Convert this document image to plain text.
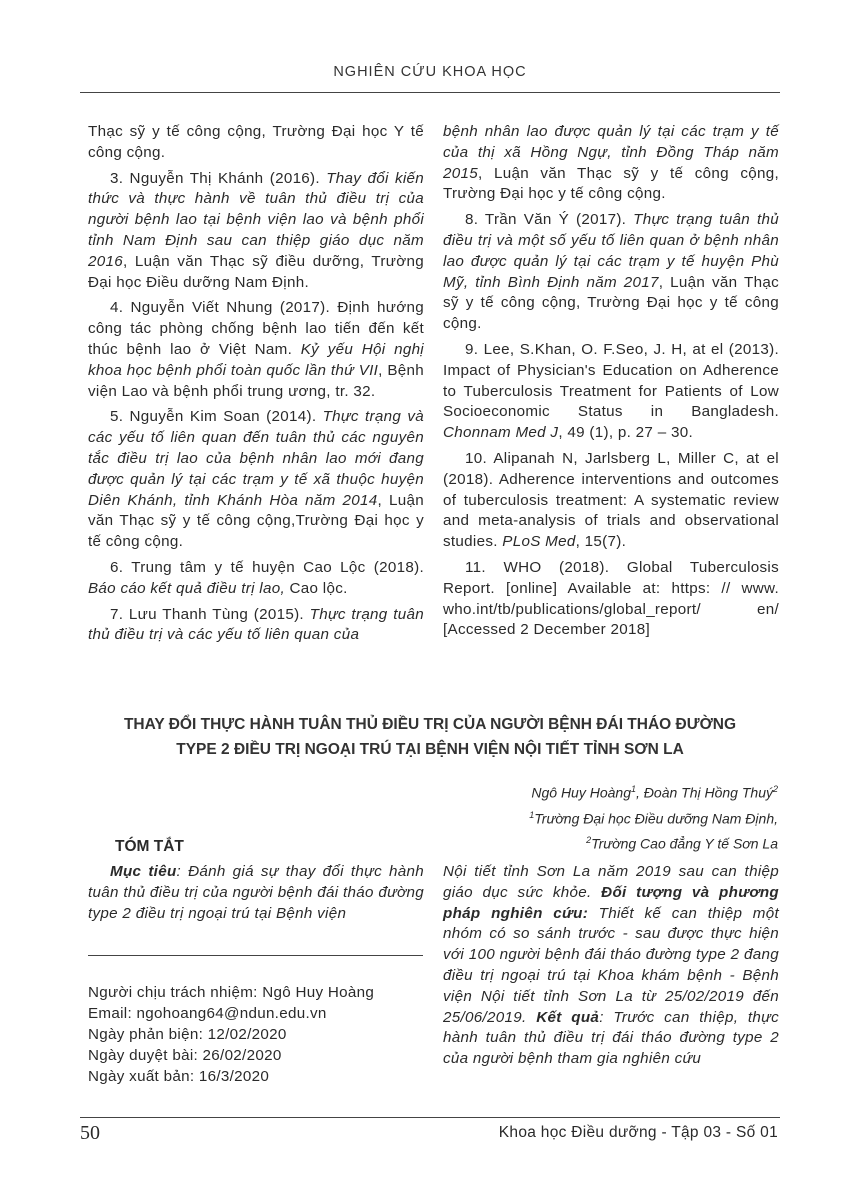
NGHIÊN CỨU KHOA HỌC

Thạc sỹ y tế công cộng, Trường Đại học Y tế công cộng.

3. Nguyễn Thị Khánh (2016). Thay đổi kiến thức và thực hành về tuân thủ điều trị của người bệnh lao tại bệnh viện lao và bệnh phổi tỉnh Nam Định sau can thiệp giáo dục năm 2016, Luận văn Thạc sỹ điều dưỡng, Trường Đại học Điều dưỡng Nam Định.

4. Nguyễn Viết Nhung (2017). Định hướng công tác phòng chống bệnh lao tiến đến kết thúc bệnh lao ở Việt Nam. Kỷ yếu Hội nghị khoa học bệnh phổi toàn quốc lần thứ VII, Bệnh viện Lao và bệnh phổi trung ương, tr. 32.

5. Nguyễn Kim Soan (2014). Thực trạng và các yếu tố liên quan đến tuân thủ các nguyên tắc điều trị lao của bệnh nhân lao mới đang được quản lý tại các trạm y tế xã thuộc huyện Diên Khánh, tỉnh Khánh Hòa năm 2014, Luận văn Thạc sỹ y tế công cộng,Trường Đại học y tế công cộng.

6. Trung tâm y tế huyện Cao Lộc (2018). Báo cáo kết quả điều trị lao, Cao lộc.

7. Lưu Thanh Tùng (2015). Thực trạng tuân thủ điều trị và các yếu tố liên quan của

bệnh nhân lao được quản lý tại các trạm y tế của thị xã Hồng Ngự, tỉnh Đồng Tháp năm 2015, Luận văn Thạc sỹ y tế công cộng, Trường Đại học y tế công cộng.

8. Trần Văn Ý (2017). Thực trạng tuân thủ điều trị và một số yếu tố liên quan ở bệnh nhân lao được quản lý tại các trạm y tế huyện Phù Mỹ, tỉnh Bình Định năm 2017, Luận văn Thạc sỹ y tế công cộng, Trường Đại học y tế công cộng.

9. Lee, S.Khan, O. F.Seo, J. H, at el (2013). Impact of Physician's Education on Adherence to Tuberculosis Treatment for Patients of Low Socioeconomic Status in Bangladesh. Chonnam Med J, 49 (1), p. 27 – 30.

10. Alipanah N, Jarlsberg L, Miller C, at el (2018). Adherence interventions and outcomes of tuberculosis treatment: A systematic review and meta-analysis of trials and observational studies. PLoS Med, 15(7).

11. WHO (2018). Global Tuberculosis Report. [online] Available at: https: // www. who.int/tb/publications/global_report/ en/ [Accessed 2 December 2018]

THAY ĐỔI THỰC HÀNH TUÂN THỦ ĐIỀU TRỊ CỦA NGƯỜI BỆNH ĐÁI THÁO ĐƯỜNG
TYPE 2 ĐIỀU TRỊ NGOẠI TRÚ TẠI BỆNH VIỆN NỘI TIẾT TỈNH SƠN LA
Ngô Huy Hoàng$^1$, Đoàn Thị Hồng Thuý$^2$
$^1$Trường Đại học Điều dưỡng Nam Định,
$^2$Trường Cao đẳng Y tế Sơn La
TÓM TẮT

Mục tiêu: Đánh giá sự thay đổi thực hành tuân thủ điều trị của người bệnh đái tháo đường type 2 điều trị ngoại trú tại Bệnh viện

Nội tiết tỉnh Sơn La năm 2019 sau can thiệp giáo dục sức khỏe. Đối tượng và phương pháp nghiên cứu: Thiết kế can thiệp một nhóm có so sánh trước - sau được thực hiện với 100 người bệnh đái tháo đường type 2 đang điều trị ngoại trú tại Khoa khám bệnh - Bệnh viện Nội tiết tỉnh Sơn La từ 25/02/2019 đến 25/06/2019. Kết quả: Trước can thiệp, thực hành tuân thủ điều trị đái tháo đường type 2 của người bệnh tham gia nghiên cứu

Người chịu trách nhiệm: Ngô Huy Hoàng
Email: ngohoang64@ndun.edu.vn
Ngày phản biện: 12/02/2020
Ngày duyệt bài: 26/02/2020
Ngày xuất bản: 16/3/2020
50	Khoa học Điều dưỡng - Tập 03 - Số 01
